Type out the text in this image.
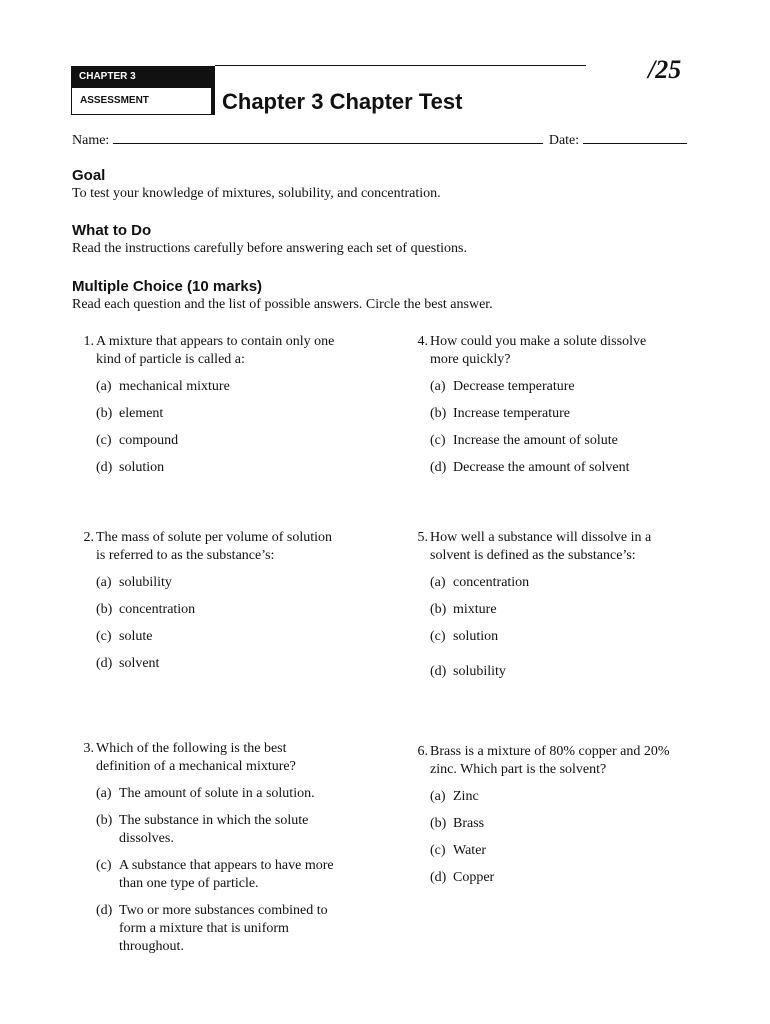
CHAPTER 3
ASSESSMENT	Chapter 3 Chapter Test
/25
Name:	Date:
Goal
To test your knowledge of mixtures, solubility, and concentration.
What to Do
Read the instructions carefully before answering each set of questions.
Multiple Choice (10 marks)
Read each question and the list of possible answers. Circle the best answer.
1. A mixture that appears to contain only one
kind of particle is called a:
(a) mechanical mixture
(b) element
(c) compound
(d) solution
2. The mass of solute per volume of solution
is referred to as the substance’s:
(a) solubility
(b) concentration
(c) solute
(d) solvent
3. Which of the following is the best
definition of a mechanical mixture?
(a) The amount of solute in a solution.
(b) The substance in which the solute
dissolves.
(c) A substance that appears to have more
than one type of particle.
(d) Two or more substances combined to
form a mixture that is uniform
throughout.
4. How could you make a solute dissolve
more quickly?
(a) Decrease temperature
(b) Increase temperature
(c) Increase the amount of solute
(d) Decrease the amount of solvent
5. How well a substance will dissolve in a
solvent is defined as the substance’s:
(a) concentration
(b) mixture
(c) solution
(d) solubility
6. Brass is a mixture of 80% copper and 20%
zinc. Which part is the solvent?
(a) Zinc
(b) Brass
(c) Water
(d) Copper
